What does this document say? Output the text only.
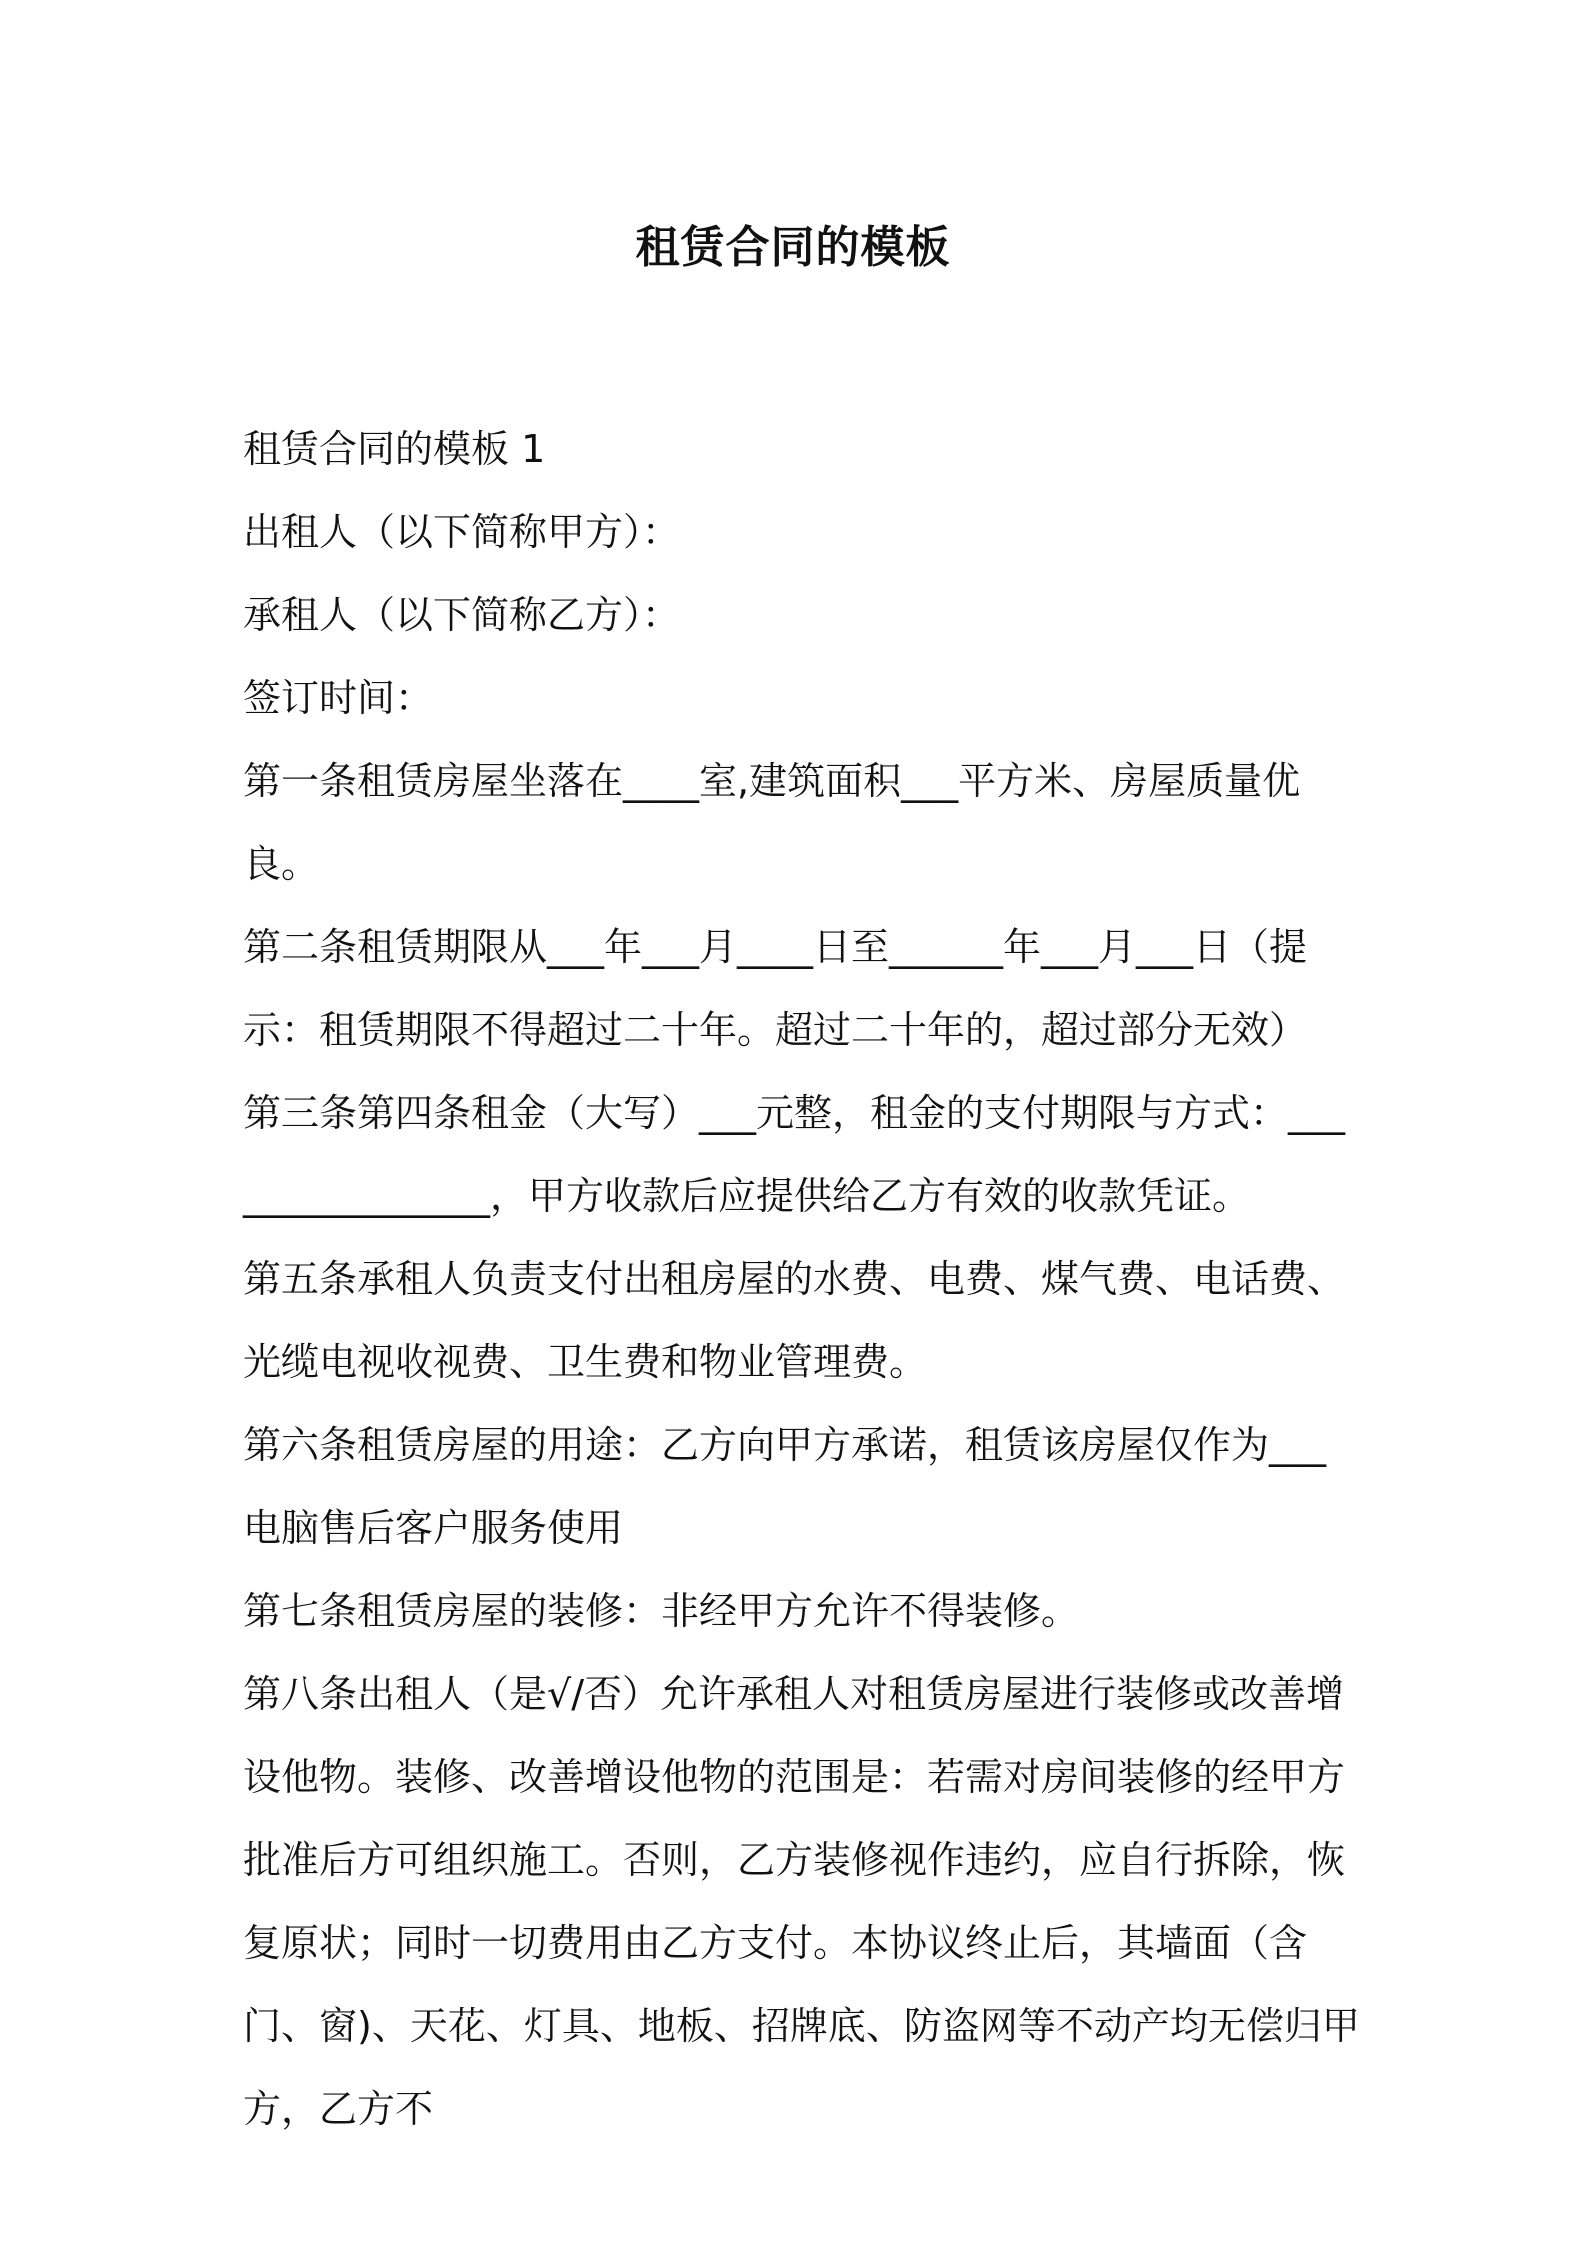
租赁合同的模板

租赁合同的模板 1

出租人（以下简称甲方）：

承租人（以下简称乙方）：

签订时间：

第一条租赁房屋坐落在____室,建筑面积___平方米、房屋质量优良。

第二条租赁期限从___年___月____日至______年___月___日（提示：租赁期限不得超过二十年。超过二十年的，超过部分无效）

第三条第四条租金（大写）___元整，租金的支付期限与方式：________________，甲方收款后应提供给乙方有效的收款凭证。

第五条承租人负责支付出租房屋的水费、电费、煤气费、电话费、光缆电视收视费、卫生费和物业管理费。

第六条租赁房屋的用途：乙方向甲方承诺，租赁该房屋仅作为___电脑售后客户服务使用

第七条租赁房屋的装修：非经甲方允许不得装修。

第八条出租人（是√/否）允许承租人对租赁房屋进行装修或改善增设他物。装修、改善增设他物的范围是：若需对房间装修的经甲方批准后方可组织施工。否则，乙方装修视作违约，应自行拆除，恢复原状；同时一切费用由乙方支付。本协议终止后，其墙面（含门、窗)、天花、灯具、地板、招牌底、防盗网等不动产均无偿归甲方，乙方不
